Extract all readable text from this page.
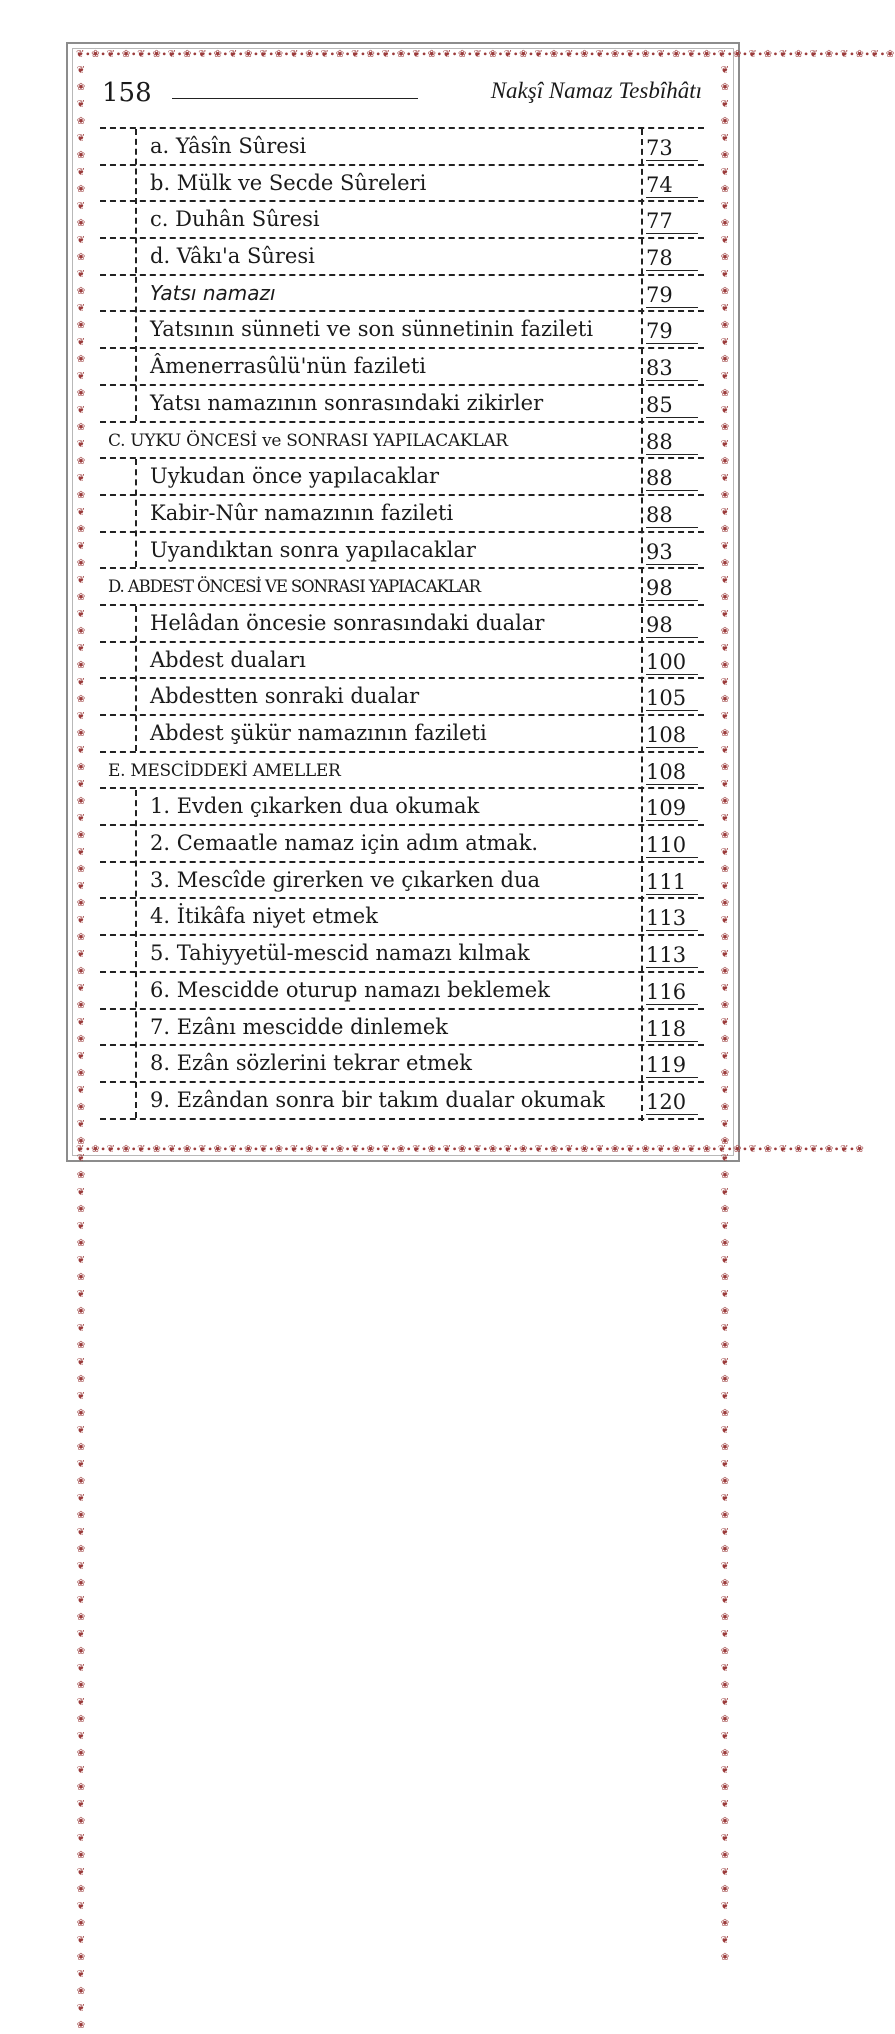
❦∙❀∙❦∙❀∙❦∙❀∙❦∙❀∙❦∙❀∙❦∙❀∙❦∙❀∙❦∙❀∙❦∙❀∙❦∙❀∙❦∙❀∙❦∙❀∙❦∙❀∙❦∙❀∙❦∙❀∙❦∙❀∙❦∙❀∙❦∙❀∙❦∙❀∙❦∙❀∙❦∙❀∙❦∙❀∙❦∙❀∙❦∙❀∙❦∙❀∙❦∙❀∙❦∙❀
❦∙❀∙❦∙❀∙❦∙❀∙❦∙❀∙❦∙❀∙❦∙❀∙❦∙❀∙❦∙❀∙❦∙❀∙❦∙❀∙❦∙❀∙❦∙❀∙❦∙❀∙❦∙❀∙❦∙❀∙❦∙❀∙❦∙❀∙❦∙❀∙❦∙❀∙❦∙❀∙❦∙❀∙❦∙❀∙❦∙❀∙❦∙❀∙❦∙❀∙❦∙❀
❦❀❦❀❦❀❦❀❦❀❦❀❦❀❦❀❦❀❦❀❦❀❦❀❦❀❦❀❦❀❦❀❦❀❦❀❦❀❦❀❦❀❦❀❦❀❦❀❦❀❦❀❦❀❦❀❦❀❦❀❦❀❦❀❦❀❦❀❦❀❦❀❦❀❦❀❦❀❦❀❦❀❦❀❦❀❦❀❦❀❦❀❦❀❦❀❦❀❦❀❦❀❦❀❦❀❦❀❦❀❦❀❦❀❦❀
❦❀❦❀❦❀❦❀❦❀❦❀❦❀❦❀❦❀❦❀❦❀❦❀❦❀❦❀❦❀❦❀❦❀❦❀❦❀❦❀❦❀❦❀❦❀❦❀❦❀❦❀❦❀❦❀❦❀❦❀❦❀❦❀❦❀❦❀❦❀❦❀❦❀❦❀❦❀❦❀❦❀❦❀❦❀❦❀❦❀❦❀❦❀❦❀❦❀❦❀❦❀❦❀❦❀❦❀❦❀❦❀
158	Nakşî Namaz Tesbîhâtı
a. Yâsîn Sûresi	73
b. Mülk ve Secde Sûreleri	74
c. Duhân Sûresi	77
d. Vâkı'a Sûresi	78
Yatsı namazı	79
Yatsının sünneti ve son sünnetinin fazileti	79
Âmenerrasûlü'nün fazileti	83
Yatsı namazının sonrasındaki zikirler	85
C. UYKU ÖNCESİ ve SONRASI YAPILACAKLAR	88
Uykudan önce yapılacaklar	88
Kabir-Nûr namazının fazileti	88
Uyandıktan sonra yapılacaklar	93
D. ABDEST ÖNCESİ VE SONRASI YAPIACAKLAR	98
Helâdan öncesie sonrasındaki dualar	98
Abdest duaları	100
Abdestten sonraki dualar	105
Abdest şükür namazının fazileti	108
E. MESCİDDEKİ AMELLER	108
1. Evden çıkarken dua okumak	109
2. Cemaatle namaz için adım atmak.	110
3. Mescîde girerken ve çıkarken dua	111
4. İtikâfa niyet etmek	113
5. Tahiyyetül-mescid namazı kılmak	113
6. Mescidde oturup namazı beklemek	116
7. Ezânı mescidde dinlemek	118
8. Ezân sözlerini tekrar etmek	119
9. Ezândan sonra bir takım dualar okumak 120
